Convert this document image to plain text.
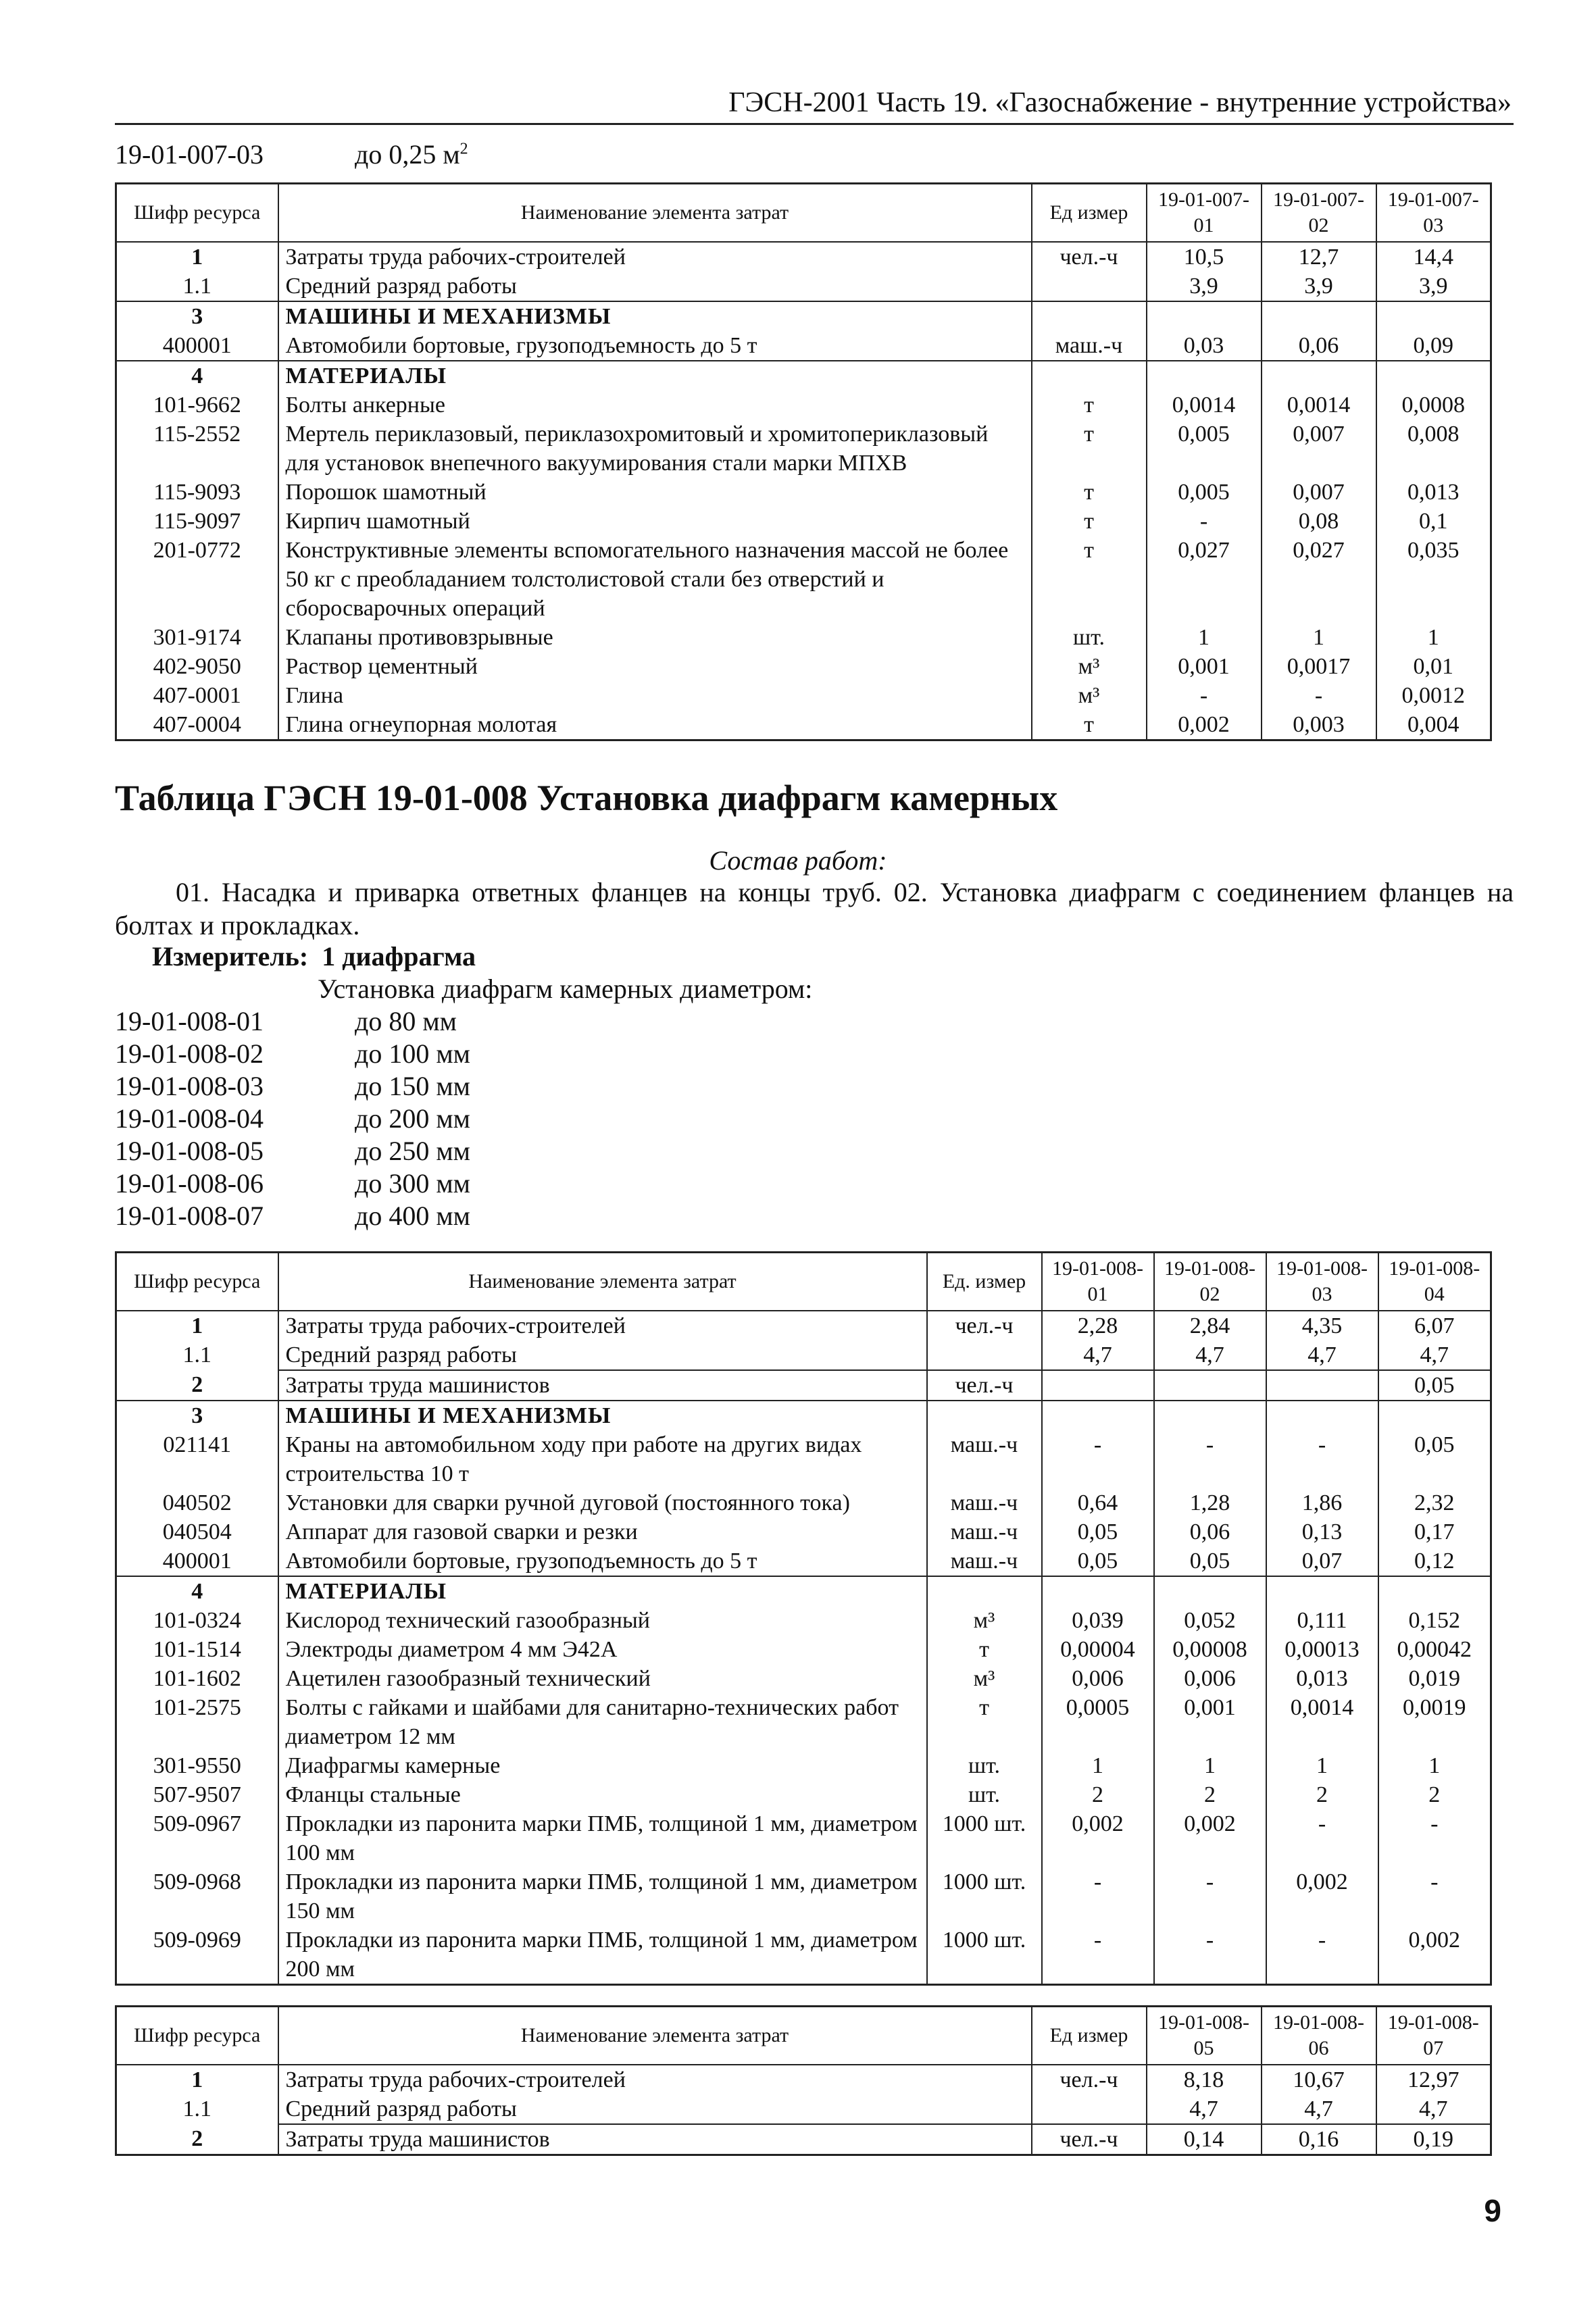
ГЭСН-2001 Часть 19. «Газоснабжение - внутренние устройства»
19-01-007-03	до 0,25 $м^2$
Шифр ресурса	Наименование элемента затрат	Ед измер	19-01-007-01	19-01-007-02	19-01-007-03
1	Затраты труда рабочих-строителей	чел.-ч	10,5	12,7	14,4
1.1	Средний разряд работы		3,9	3,9	3,9
3	МАШИНЫ И МЕХАНИЗМЫ				
400001	Автомобили бортовые, грузоподъемность до 5 т	маш.-ч	0,03	0,06	0,09
4	МАТЕРИАЛЫ				
101-9662	Болты анкерные	т	0,0014	0,0014	0,0008
115-2552	Мертель периклазовый, периклазохромитовый и хромитопериклазовый для установок внепечного вакуумирования стали марки МПХВ	т	0,005	0,007	0,008
115-9093	Порошок шамотный	т	0,005	0,007	0,013
115-9097	Кирпич шамотный	т	-	0,08	0,1
201-0772	Конструктивные элементы вспомогательного назначения массой не более 50 кг с преобладанием толстолистовой стали без отверстий и сборосварочных операций	т	0,027	0,027	0,035
301-9174	Клапаны противовзрывные	шт.	1	1	1
402-9050	Раствор цементный	м³	0,001	0,0017	0,01
407-0001	Глина	м³	-	-	0,0012
407-0004	Глина огнеупорная молотая	т	0,002	0,003	0,004
Таблица ГЭСН 19-01-008 Установка диафрагм камерных
Состав работ:
01. Насадка и приварка ответных фланцев на концы труб. 02. Установка диафрагм с соединением фланцев на болтах и прокладках.
Измеритель: 1 диафрагма
Установка диафрагм камерных диаметром:
19-01-008-01	до 80 мм
19-01-008-02	до 100 мм
19-01-008-03	до 150 мм
19-01-008-04	до 200 мм
19-01-008-05	до 250 мм
19-01-008-06	до 300 мм
19-01-008-07	до 400 мм
Шифр ресурса	Наименование элемента затрат	Ед. измер	19-01-008-01	19-01-008-02	19-01-008-03	19-01-008-04
1	Затраты труда рабочих-строителей	чел.-ч	2,28	2,84	4,35	6,07
1.1	Средний разряд работы		4,7	4,7	4,7	4,7
2	Затраты труда машинистов	чел.-ч				0,05
3	МАШИНЫ И МЕХАНИЗМЫ					
021141	Краны на автомобильном ходу при работе на других видах строительства 10 т	маш.-ч	-	-	-	0,05
040502	Установки для сварки ручной дуговой (постоянного тока)	маш.-ч	0,64	1,28	1,86	2,32
040504	Аппарат для газовой сварки и резки	маш.-ч	0,05	0,06	0,13	0,17
400001	Автомобили бортовые, грузоподъемность до 5 т	маш.-ч	0,05	0,05	0,07	0,12
4	МАТЕРИАЛЫ					
101-0324	Кислород технический газообразный	м³	0,039	0,052	0,111	0,152
101-1514	Электроды диаметром 4 мм Э42А	т	0,00004	0,00008	0,00013	0,00042
101-1602	Ацетилен газообразный технический	м³	0,006	0,006	0,013	0,019
101-2575	Болты с гайками и шайбами для санитарно-технических работ диаметром 12 мм	т	0,0005	0,001	0,0014	0,0019
301-9550	Диафрагмы камерные	шт.	1	1	1	1
507-9507	Фланцы стальные	шт.	2	2	2	2
509-0967	Прокладки из паронита марки ПМБ, толщиной 1 мм, диаметром 100 мм	1000 шт.	0,002	0,002	-	-
509-0968	Прокладки из паронита марки ПМБ, толщиной 1 мм, диаметром 150 мм	1000 шт.	-	-	0,002	-
509-0969	Прокладки из паронита марки ПМБ, толщиной 1 мм, диаметром 200 мм	1000 шт.	-	-	-	0,002
Шифр ресурса	Наименование элемента затрат	Ед измер	19-01-008-05	19-01-008-06	19-01-008-07
1	Затраты труда рабочих-строителей	чел.-ч	8,18	10,67	12,97
1.1	Средний разряд работы		4,7	4,7	4,7
2	Затраты труда машинистов	чел.-ч	0,14	0,16	0,19
9
